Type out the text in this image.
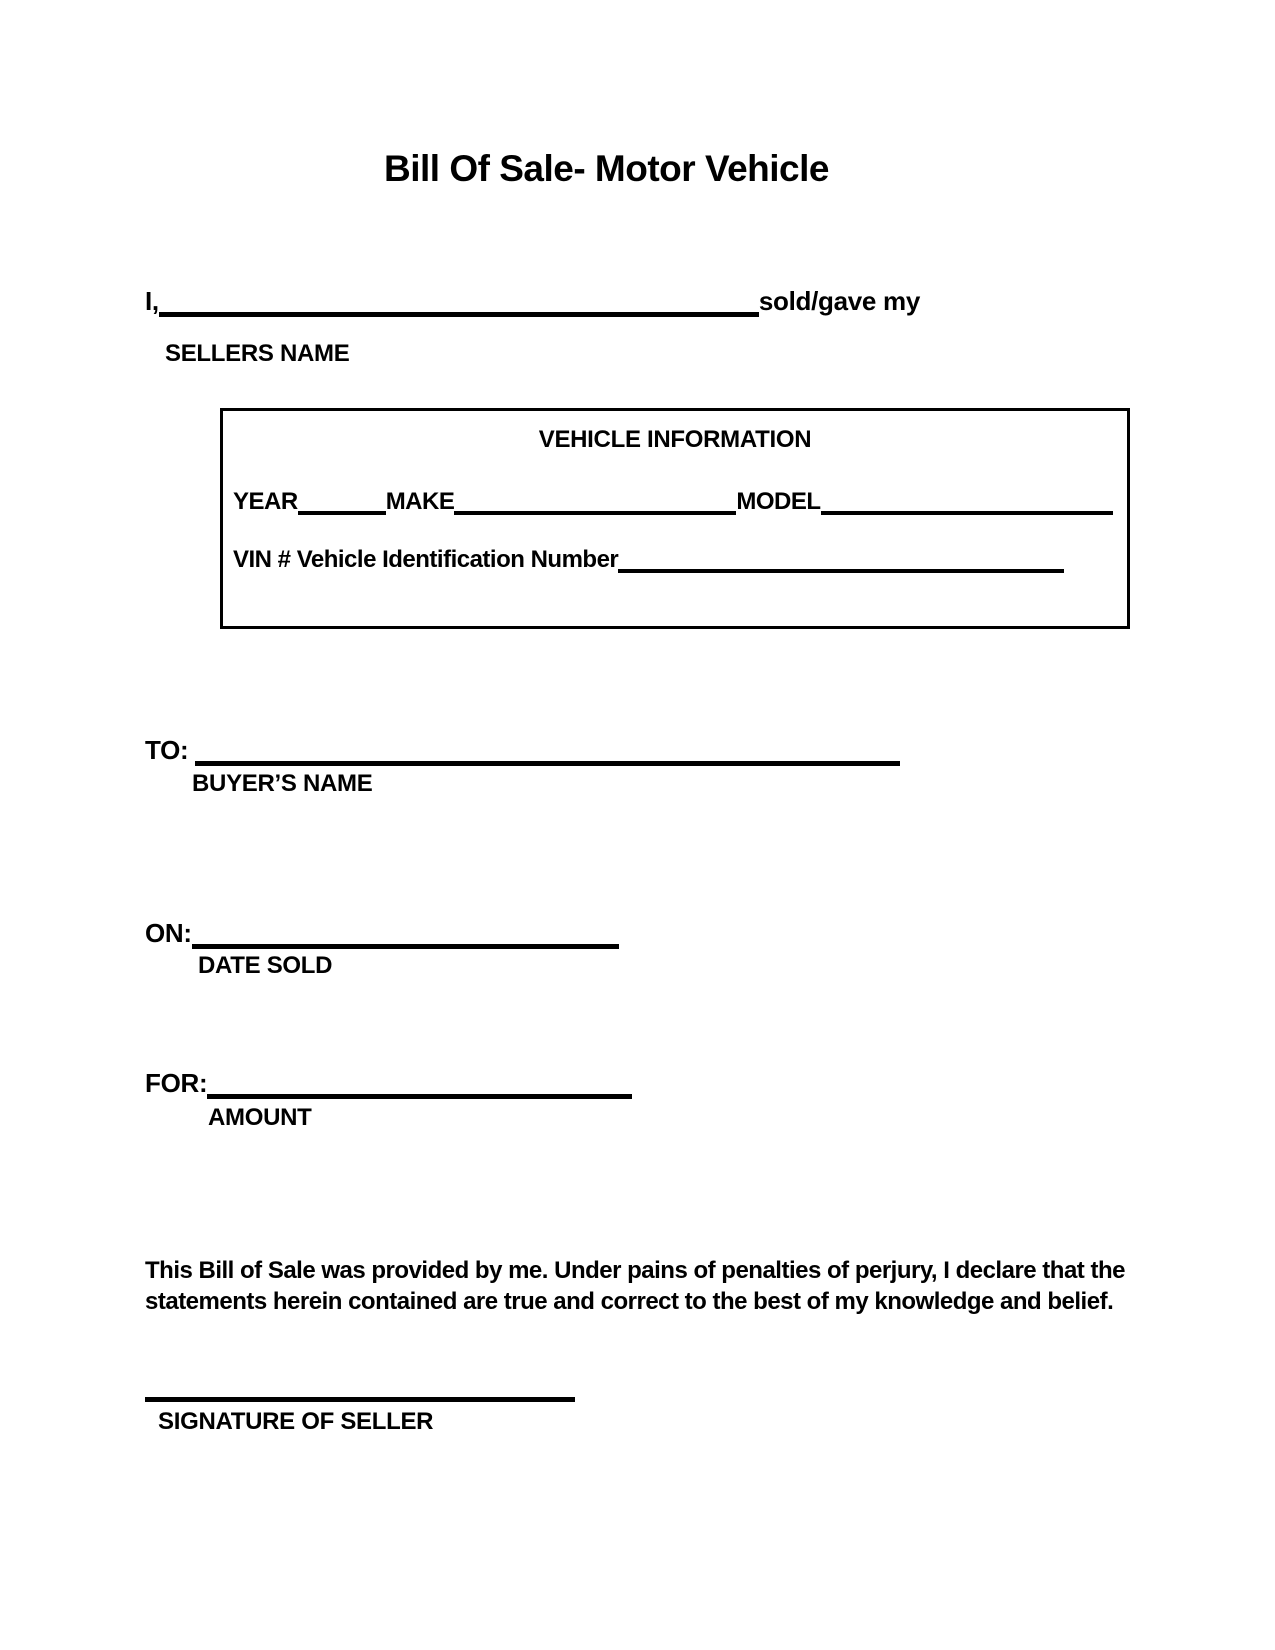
Bill Of Sale- Motor Vehicle
I,	sold/gave my
SELLERS NAME
VEHICLE INFORMATION
YEAR	MAKE	MODEL
VIN # Vehicle Identification Number
TO:
BUYER’S NAME
ON:
DATE SOLD
FOR:
AMOUNT
This Bill of Sale was provided by me. Under pains of penalties of perjury, I declare that the
statements herein contained are true and correct to the best of my knowledge and belief.
SIGNATURE OF SELLER
